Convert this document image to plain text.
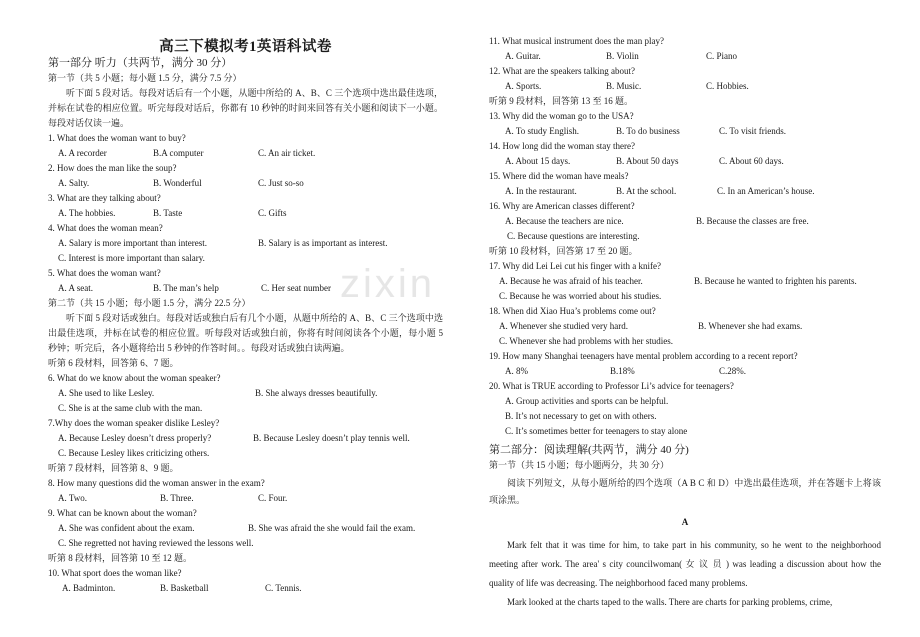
高三下模拟考1英语科试卷
第一部分 听力（共两节，满分 30 分）
第一节（共 5 小题；每小题 1.5 分，满分 7.5 分）
听下面 5 段对话。每段对话后有一个小题，从题中所给的 A、B、C 三个选项中选出最佳选项，并标在试卷的相应位置。听完每段对话后，你都有 10 秒钟的时间来回答有关小题和阅读下一小题。每段对话仅读一遍。
1. What does the woman want to buy?
A. A recorder	B.A computer	C. An air ticket.
2. How does the man like the soup?
A. Salty.	B. Wonderful	C. Just so-so
3. What are they talking about?
A. The hobbies.	B. Taste	C. Gifts
4. What does the woman mean?
A. Salary is more important than interest.	B. Salary is as important as interest.
C. Interest is more important than salary.
5. What does the woman want?
A. A seat.	B. The man’s help	C. Her seat number
第二节（共 15 小题；每小题 1.5 分，满分 22.5 分）
听下面 5 段对话或独白。每段对话或独白后有几个小题，从题中所给的 A、B、C 三个选项中选出最佳选项，并标在试卷的相应位置。听每段对话或独白前，你将有时间阅读各个小题，每小题 5 秒钟；听完后，各小题将给出 5 秒钟的作答时间。。每段对话或独白读两遍。
听第 6 段材料，回答第 6、7 题。
6. What do we know about the woman speaker?
A. She used to like Lesley.	B. She always dresses beautifully.
C. She is at the same club with the man.
7.Why does the woman speaker dislike Lesley?
A. Because Lesley doesn’t dress properly?	B. Because Lesley doesn’t play tennis well.
C. Because Lesley likes criticizing others.
听第 7 段材料，回答第 8、9 题。
8. How many questions did the woman answer in the exam?
A. Two.	B. Three.	C. Four.
9. What can be known about the woman?
A. She was confident about the exam.	B. She was afraid the she would fail the exam.
C. She regretted not having reviewed the lessons well.
听第 8 段材料，回答第 10 至 12 题。
10. What sport does the woman like?
A. Badminton.	B. Basketball	C. Tennis.
11. What musical instrument does the man play?
A. Guitar.	B. Violin	C. Piano
12. What are the speakers talking about?
A. Sports.	B. Music.	C. Hobbies.
听第 9 段材料，回答第 13 至 16 题。
13. Why did the woman go to the USA?
A. To study English.	B. To do business	C. To visit friends.
14. How long did the woman stay there?
A. About 15 days.	B. About 50 days	C. About 60 days.
15. Where did the woman have meals?
A. In the restaurant.	B. At the school.	C. In an American’s house.
16. Why are American classes different?
A. Because the teachers are nice.	B. Because the classes are free.
C. Because questions are interesting.
听第 10 段材料，回答第 17 至 20 题。
17. Why did Lei Lei cut his finger with a knife?
A. Because he was afraid of his teacher.	B. Because he wanted to frighten his parents.
C. Because he was worried about his studies.
18. When did Xiao Hua’s problems come out?
A. Whenever she studied very hard.	B. Whenever she had exams.
C. Whenever she had problems with her studies.
19. How many Shanghai teenagers have mental problem according to a recent report?
A. 8%	B.18%	C.28%.
20. What is TRUE according to Professor Li’s advice for teenagers?
A. Group activities and sports can be helpful.
B. It’s not necessary to get on with others.
C. It’s sometimes better for teenagers to stay alone
第二部分：阅读理解(共两节，满分 40 分)
第一节（共 15 小题；每小题两分，共 30 分）
阅读下列短文，从每小题所给的四个选项（A B C 和 D）中选出最佳选项，并在答题卡上将该项涂黑。
A
Mark felt that it was time for him, to take part in his community, so he went to the neighborhood meeting after work. The area' s city councilwoman( 女 议 员 ) was leading a discussion about how the quality of life was decreasing. The neighborhood faced many problems.
Mark looked at the charts taped to the walls. There are charts for parking problems, crime,
zixin
